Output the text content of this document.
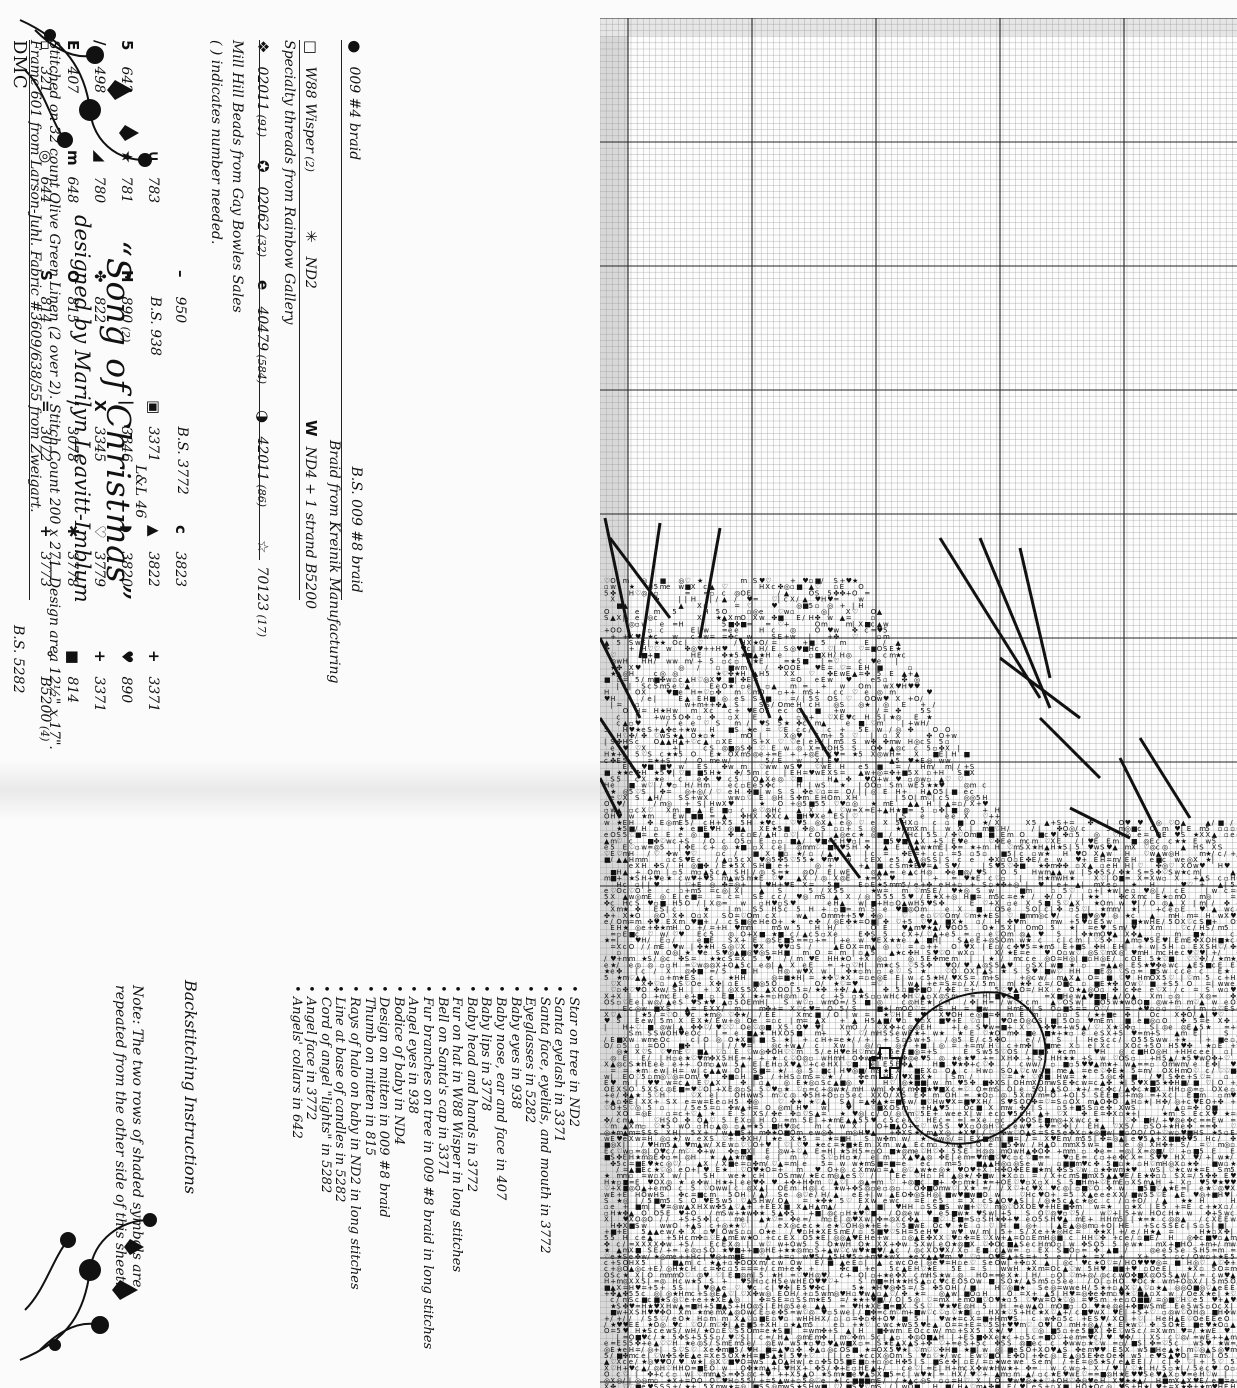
L&L 46
“Song of Christmas”
designed by Marilyn Leavitt-Imblum
Stitched on 32 count Olive Green Linen (2 over 2). Stitch Count 200 x 271. Design area 12½" x 17".
Frame 601 from Larson-Juhl. Fabric #3609/638/55 from Zweigart.
DMC
B.S. 5282
( ) indicates number needed. Mill Hill Beads from Gay Bowles Sales	Specialty threads from Rainbow Gallery
Braid from Kreinik Manufacturing
Note: The two rows of shaded symbols are
repeated from the other side of this sheet.	Backstitching Instructions
•	Star on tree in ND2
• Santa eyelash in 3371
• Santa face, eyelids, and mouth in 3772
• Eyeglasses in 5282
• Baby eyes in 938
• Baby nose, ear and face in 407
• Baby lips in 3778
• Baby head and hands in 3772
• Fur on hat in W88 Wisper in long stitches
• Bell on Santa's cap in 3371
• Fur branches on tree in 009 #8 braid in long stitches
• Angel eyes in 938
• Bodice of baby in ND4
• Design on mitten in 009 #8 braid
• Thumb on mitten in 815
• Rays of halo on baby in ND2 in long stitches
• Line at base of candles in 5282
• Cord of angel "lights" in 5282
• Angel face in 3772
• Angels' collars in 642
▫ 321
◎ 644
S 814
= 3072
+ 3773
° B5200 (4)
E 407
m 648
O 815
∕ 3078
✱ 3778
■ 814
/ 498
◢ 780
✤ 822
X 3345
♡ 3779
+ 3371
5 642
★ 781
H 890 (2)
| 3346
◗ 3820
♥ 890
∪ 783
B.S. 938
▣ 3371
▲ 3822
+ 3371
– 950
B.S. 3772
c 3823
❖ 02011 (91)
✪ 02062 (32)
e 40479 (584)
◑ 42011 (86)
☆ 70123 (17)
□ W88 Wisper (2)
✳ ND2
W ND4 + 1 strand B5200
● 009 #4 braid
B.S. 009 #8 braid	♡ O m ◎ ■ ◎ ♡ ★	m S ♥ ♡	+ ♥ ▫ ■ / S + ♥ ★
▫ w ★	5 m e w ■ X c ▲ ♡	H X c ✤ ◎ ▫ ■ ▲ ♡ ▫ E O
5 ✤ H ♡ ◎ ▫	= = ▫ c ◎ O E	/ ▲	O S 5 ✤ ✤ + O =
X	| | H | / ▲ / ♥ = ♡ | c X / ▲ ♥ H ♥ =	w
■ ▲	▲ X	= ♡	♥	◎ ■ 5 ▫ ◎ + | H
O	e m 5	5 O	▫ ◎ e ♡ w ▫	◎ | X ♡ O ▲
S ▲ X | e ◎ c	X ★ ▲ X m O X w ✤ ■ E / H ✤ w ▲ =	▫
◎ ▫	e = H	5 ■ ✤ ■ = = ♡ +	O m	m | X ■ c ▲ w
+ O O	▫ c	E | w = e e	H c ◎	O ♥ w ✤ c = ♥ 5
+ + ♥ ★ c w c w = = ✤ c w	S E + w | + ✤ ♡	▫ m
▲ 5 S w | ★ ★ O c | ♡	/ X ★ O / =	+ ■ 5 m	E / ▲
+ H ♡ ♡ w ✤ ◎ ♥ + + H ♥	c | H / E S ◎ ♥ ■ H c ♡ |	♡ = ■ O S E ★
♡	■ + ■	H E	✤ ★ 5 ★ ■ ▲ ★ H e	▫ ■ X H / H ◎	c m ★ c
w H H H / w w m / + 5 ▫ c ▫ ★ E	= ★ 5 ■ | = ♡	c ♥ e |
✤ X ♥	◎ / ▫ ■ w m	/ ✤ O O E ♥ E = ♡ = E H ■	▫
★ ◎ H	c ◎ ◎	★ ♡ ✤ ★ H ▲ H 5 X X ♡ ✤ E w E ▲ = ✤ 5 E ▲ + ▲
■ ▫ = 5 / m ■ ✤ w ▫ c ▲ H ♡ ◎ X ♥ ■ | ✤ E	= O e E w ♥	e 5 ▫ ✤ ◎
| | S c 5 m 5 e ♡ ▲	E e O ★ ▫ e ▫ ▲ m = + w O m w X ♥ H ♥ ♥
H	O X	♥ ■ e H = ♡ ▫ ✤ m ♡ m	▫ + + m S + c c ♡ e ◎ m	♥
♥ H	/ e |	E ▲ E H ■ ◎ e S S ■	= / | 5 S O S ♡ O O w ♥ X + O /
| = ▫	w + m + + ✤ ▲ S	S S / O m e H c H ◎ S ◎ ★ ◎ E + /
O = H ★ H w m X c c + ♥ E O e c O ■ + w	/ = ✤	5 S
c | + w ▫ 5 O ✤ ▫ ✤ ▫ X E	▲ ▫ + ♡ X E ♥ c H 5 | ★ ◎ E ★
c ▲ ▫ ♥	/ e e ♡ S m / ♥ S 5 ★ ✤ c m ▲	e ■ ♡ m	| + w H /
H ♥ ★ e S + ▲ ✤ e + ★ w H ■ S ★ e = ♡ E c c / c + 5 E w / ◎ ✤	O O
H ♡ ✤ / ✤ ♡ w S ★ ▲ O ★ ▫ ★	m O |	X ◎ ♥	m + 5 ♡ | ▫ X	✤ O + w
| S ✤ H S c O ▲ ▲ H ▲ + ♡ c ▲ ▫ X E	S + X ♡ ♡ e | e H | m 5 S w ✤ ✤ m w H ◎ c S 5 ▫
e ♥ ♡ X	+ |	c S ◎ ■ ◎ S ✤ ♡ E w ◎ X = O H 5 S O ✤ ▲ ◎ c c 5 ▫ ✤ X |
H ★ + 5 ♡ S c ★ ★ 5 O E ★ O X m 5 ◎ e + = E + + ◎ E ♥ = ★ 5 X ◎ w H = X ■ E | H ■
c ✤ E 5	= ★ + S / O m e w /	5 / E w X | E ♥	▲ 5 ♥ ★ E ◎ w w
E ♥ ■ ■ ♥ w E S ✤ w m ♡ w w w S ♥ ♡ w E H e 5 ■ = / H m / m | / + S
■ ★ ★ e H ★ 5 ♥ | ♡ ■ ■ 5 H ★ ✤ / 5 m c | E H = ♥ w E X S = ▲ w + ◎ = ✤ + ■ 5 X ▫ + H S ■ X
S 5 c X ★ e c e ✤ ♥ c 5 O ▲ X e ◎ ♡ ■	H ▲ ✤ ♥ O + w ♥ ▫ ◎ w ▫ ▲ ♡ ♡
H e ■ w ♡ | / ♥ ▫ H / H m	e c ▫ E e 5 ✤ c	H | w S ★ | O O ▫ S m w E 5 ★ ★ ♥	◎ m c
★ ◎ 5 ♡ S | ✤ = ◎ + ◎ / / ♡ e H ✤ ■ | w S S ✤ e ♡ ▫ = = O / | | ◎ E H + H ▲ O 5 | ■ e c
e ♡ X S ▲ H / S S + w X	w w ▫ ♡ E ◎ H S ✤ m E H O m X H	| 5 O | m ♡ | c S ◎ ◎ 5 H
O ♥ /	/ m ◎ + S | H w X ♥	★ O + ◎ 5 ■ 5 5 ♡ ♥ ▫ ◎ ★ m E ▲ ▲ H | ▲ = ▫ / X + ♥
▫ w ▲ ▫ c X ♡ X m ■ ▲ E ■ ▫ c e ♡ ◎ H c ▲ X ▲ ♡ w = X = E + ▲ H ★ ■ = 5 ▫ ✤ | ■ ◎ + H
O H w ★ m	E w | ■ ■ = ▲ ✤ H X ✤ X c ▲ ■ H ♥ X e E S | ♡	| S e	e e X ♡ + +
w ★ E H ✤ E ◎ m E 5 / c H + X 5 5 H ★ ♥ c ♡ ♥ 5 ◎ X ▲ e ◎ ♡ e X 5 H X ▫ c ▫ ■ O ★ / X	X 5 ▲ + S + = ✤ | O ♥ ♥ ◎ ♡ O ▲	▲ / ■ /
★ 5 ■ / H ▫	★ e ■ E ♥ H ◎ ■ ▲ X E ★ 5 ■ ✤ ◎ S ▫ ▫ + S ◎	★ m X m | w X | m ■ ♡ H /	/ | ✤ O ◎ / c	5 m ◎ ■ c O m ♥ | E m 5 ▫ ▫ ▫
e O S 5 ♡ ■ = e E e ◎ ■	✤ c ▫ E / ▲ H ▫ ♡ | c O | ▲ ◎ e c ★ ◎ ■ / / H c | 5 S / ✤ ♡ O m ■ ■ E m O ■ c ♥ | ✤ ▫ 5 ◎ ♡ ◎ e = E ♥ S ★ X X ▲ ▫ e
▲ m ♡ c ■ ✤ ♡ w c + S / O c O 5 ▫ E ▫ ▫ ■ ▲ / ♥ ■ = c H ♥ ▫ | = ■ 5 ♥ ■ ▲ X + 5 E ♥ e	♡ ✤ E e m c m ♡ X E / | ♥ E E m ■ ◎ E c c ★ ★ E w 5
e 5 E ♡ ▫ w = ◎ 5 | ✤ E c + ◎ ★ ■ ▫ X c e | ◎ m m ♡ ■ ♥ 5 H ✤ ▲ E c ▲ w ★ m E | ✤ = ★ + m H ♡ m S X ★ H ▲ H ★ 5 | 5 ♥ w S ♥ ▲ m X ♡ ◎ c ◎ ▲ H S X S
♡ E ♡ m H / ♡ ✤ w ♥ ♡	▫ c / ■ X ■ ▫ ★ / ▫ / ▲ ▲ | c = ✤ E = + c ▫ = 5 ▫ 5 ▫ ■ 5 | c ▫ w ★ H ♥ O X ▲ w H ♡ w ▲ w ◎ H	m ★ / c / +
■ / ▲ ▲ H m m	▫ c S ♥ E c / ▲ ▫ 5 c X ♥ ◎ 5 ✤ 5 ♡ 5 5 ★ ♥ m ♥ w c E X e 5 ▲ ◎ S S | S c e ✤ X ▫ O ▫ E ✤ E / e w ♥ + E H = m / E H e ■ c w e ◎ X ★ |
e X H ✤ S / H ◎ ■ ✤ / E ★ 5 X S H ■ e +	◎ +	+ ▲ ■ c S m ★ E ♥ = ▲ S ♥ /	| S ♥ 5 ♡ ✤ ■ ★ ✤ m ✤ ✤ ▫ X ▲ ▫ e H H | ♡ ✤ ◎ ♡ X O w ♥ H ♥
■ H ▲ + O m | ▫ 5 m ▫ ▲ 5 c ▲ S H | / ◎ S = ★ ◎ O / E | w E	◎ ▲ ▲ = e ▲ c H ◎ ✤ e ■ ◎ / ♥ S O 5 H w m ▲ ▲ w | 5 ✤ 5 S / ✤ ★ S = 5 ✤ ♡ S w ★ c m |	▲
m ■ + ★ S H + ♥ e ★ c w ♥ + ♥ 5 m ▲ w 5 m ★ E ♡ ♥ ▲ X / ◎ X ◎ E ★ = X ♥	| + = ♥ ★ E c ♡ ▫ | H ★ m w H ★	X ♡ | O ■ = X = X w ▫ X + ▲ S c ▫ H
H c ▫ | | ♥	| ♡ + E ◎ ✤ = ◎ + | ♥ H + ♥ E X = 5 ■	E ▫ E ★ 5 m m 5 / e + ✤ e H + ▫ + S ▫ ★ ✤ + ◎ | ♥ | e + ▲ | m X e ▫ ★ H	♥ ♡ + ▲ | 5
e ♡ O c ♡ O e c ▫ + m 5 = c ◎ | X | ▲ S	5 / X 5 5	★ w = m ♡ m S E / ♥ ★ ◎ S w	■ m	▫ 5 ♡ ▫ + | ★ w | e ▫ ♥ ◎ | / c E	| w c =
5 X ▲ w ◎ m E ◎ E | e ■ = = c = S E c c / ♥ ◎ m S ▲ X / ◎ 5 5 5 5 ♥ / E ★ X + ◎ H ■ = m 5 c = e ★ / ✤ / O / | ★ ★	✤ c X m c E ★ ▫ m O m ◎	=
✤ c H c S ♥ ▫ ■ H 5 O / | X ◎ = w ▫ H ♥ ▫ S ♥	e H ▲ w | ■ + H ▫ O ▲ w H 5 ♥ S ✤	E ♡ + X ▫ e X 5 ■ 5 ♡ ▲ X ★ O m w ♥ | / O ◎ ▲ X | m | / ✤
X m ★ ✤ E S | c	★	| m S 5 H 5 c 5 H + ▫ ■ = m 5 e ♥ ■ ◎ O m	e X ■ O 5 e 5 O | c | ✤ ▫ 5 ♡ | ★ m m / ★ | + c e ▫ E ♥ ▲ w c
✤ + X ★ O ◎ O X ✤ O ▫ X S O = ♡ O m c X	w ▲ O m m + + 5 ♥ ✤ ◎	♡ e ▫ ♡ ♡ O m / ♡ m ★ ★ E S ♡ ■ m m ◎ c ♥ / c ■ ♥ ◎ ♥ ◎ ★ c ▲ m H m = H w X ♥
e / O m = m ✤ ♥ E X m ♥ ■ + / c S ■ ◎ e H e O + ★ e ✤ / ◎ E ✤ ★ = O ■ | ✤ ♡ + 5 ♡ ♥ ▲ ■ X ★ ▫ / H ✤ ♥ m	m w + 5 ♥ ▫ E 5 w	■ ★ w H E / 5 O X ♡ c S ■ + O
E H ★ ◎ e + ✤ ★ m H O + / = + H ♥ m m	m 5 w 5 H H / ♡	O E ♥ ▲ m ♥ ★ ▲ / ♥ O O 5 O ★ 5 X | O m O 5 ★ | = e ♥ S m / ♥ X m	♡ c / H S / m 5
= ▫ E ■ c ♡ w / ♡ ♥ E c 5 ◎ O + X ■ ★ ■ c / ▲ c 5 ▫ X e	E ✤ S 5 c X + / ♡ ▲ + e 5 = ▫ e ♡ O m ◎ ▲ ♥ 5 | ✤ ★ m O ♥ ▲ X ✤ ▲ ▫ m ■ ★	c
★ = | ♥ H / E ▫ /	e ■ E S X + E ◎ S E ■ 5 = = ▫ + = | + e w ♥ E X ★ ★ e ▲ ■ H | S ▲ e E + ◎ S O m w ★ c c | c m | ♡ 5 ✤ ▲ m ▫ ♥ 5 E ♥ | E m E ✤ X O H ■ ★ c
= X c O / / m E ♥ w | ✤ ★ H S ◎ ♡ X ♥ X ♥ ♥ ▫ S /	▲ E O X = m ▲ ◎ ♡ = ▫ + + O ♥ X | E ▫ / c ✤ ♥ 5 = ★ m 5 E + ■ S ✤ H E H | + w | 5 H ▫ E X S H ♡ / ✤
▫	w O ◎ | ★ ♥ e S ♥ ◎ ▲ ■ ◎ ♥ ◎ S = H ■ m O = m | ▫ ▲ 5 ▲ ★ c ✤ H S ♥ ♡ O w X ▫	X / ★ E = e ♥ O ▫ w ♡ ◎ S ♡ m X ◎ ♥ m H m c H e c ♥ ♡ ♥ | + /
/ ♥ + m m ★ S / ◎ c ✤ S = ★ ★ c S = X 5 ♥ / / m ♥ E H H ★ O + X ◎ ▫	◎ 5 E ✤ m e m | | ★ / m c c e ◎ O = H ◎ | ■ ▫ H ◎ E / c O E 5 ★ ♡ ■ ♡ ♡ ✤ / / ★ m ★
e ★ / e ◎ ◎ ▫ ▫ H = ♡ w ◎ ◎ X + O ▲ 5 c e ◎ | ▲ X e E = + ▫ ♡ H | m ★ c S ♡ 5 S ✤ ♥ O / ♥ ▲ ◎ S 5 ▲ ♥ ▫ S X | w ■ ★ ▫ = ▲ ▲ e E S ★ ♥ ✤ e w c ▲ E S ■ c E E
★ e ✤ | c / X ◎ ✤ ■ = / 5 ■ H	H ◎ w ♥ X w | ✤ ★ ▫ m ▫ e ♡ S ★	♡ O O X | ▲ S ★ S 5 ♥ ■ w ♡ H H ■ E ◎ ♡ S ▫ = ■ 5 w c c e c E ★
5 ★ m ♡ ▲ ▲ ▫ + m ★ E S c ★ H H	◎ = ■ ★ H | = ★ ✤ ♡ ★ X = ▫ e ◎ E E | w c 5 ★ H / ♥ X S = m + S	+ ◎ c w / m ▲ X ▲ O = ■ ♡ ♥ H m O X 5 ♡ | ♡ m 5 c + H
♡ X	X ✤ ♡ ▫ ▲ S ♡ O e X ✤ | ▫ E ■ ◎ 5 O e	O / ★ ♡ = ♥ = ♡ | | w ▲ | + e = S = ▫ / X / 5 m m | ★ ✤ c = / O ■ c ▫ ■ E ★ ✤ O w ♡ ■ + S 5 O = | w w e
♡ ▫ ✤ ♡ ♥ O ✤ w / S H | + X | ◎ X S 5 X ▲ X O O | 5 = / ★ ✤ + ✤ / ▲ ▲	✤ 5 ▫ ■ ✤ ■ O / ✤ E = +	5 ♡ ♥ ▲ O = / H X e O ★ ▲ ◎ O ▫ ✤ c ✤ e e ♡ X / c = S w ▫ ♥
X + X | O + m c E e + ■ ▫ E ■ X ★ + = ▫ H ◎ m O c + 5 ▫ ★ S ▫ ▫ w H c ✤ H ♡ ▲ ▫ X ◎ S m = H | ■ ♥ E ■	= X ■ H e w ▲ ♥ ■ ■ | ▲ / O ▲ X m ▫ ◎	X ◎ = ✤
O S ▫ ♡ E e | w ◎ / ▲ e S ♥ S ★ ♥ ▲ ▫ 5 O E m H | S w ♡ ▫ w m O = / 5 ■ ◎	c ◎ H E ★ | c H / ✤ | H = / w ♡ c c m ▲ ♡ O S w | ■ O 5 w ★ w O O ■ ◎ w + m m ♡ ▲ w e O
E c ◎ w ■ X S ▲ = E X X / m	m ✤ + = X ♡ c ♥ = O 5 / S	■ ★ | m O O ♡ = ▫ E H = ■ w	H m E w | S O ▫ ■ 5 = = O ♡ / = ★ ♥ ▫ ▫ ▫ ♡ c | m ▫ ♡ E S
X ♡ ▲ | ★ 5 / = ♡ O ♥ c ★ m ◎ ♡ ✤ ★ / / E E	X m c ■ / O | w = ★ ♡ H | E ♥ | X ♥ O H e ◎ ■ = ✤ m E m	▫ ▫ S / ★ + ■ e ✤ | O c X ✤ O / ▲ | ♥ ♡
♥ 5 E e w | 5 m X E X ★ / E w + ◎ O e = ▫ c | m = ▲ X + ▲ H 5 ▲ ■ / ♥ ▫ ♥ ▫ X ■ ♥ + E ♡ ▫ | | ♥ O e O ◎ O S | ■ | 5 O ▫ ♥ m E m ■ e ■ ◎ ▫ O ✤ 5 = e X ✤
| H + ♡ ■ ◎ w | ▲ ✤ ✤ ♡ / ♥ ♡ ♡ O e ♡ ◎ ■ X 5 O ♥ ♥ | X m O / ♡ X ✤ + c ◎ ◎ E H	+ | e S ♥ w = ■ + X ♡ + ✤ ♥ = + w 5 ▲ / ♡ X ★ ♡ ✤ ▫ S | ◎ e ◎ E ▲ 5 ★ = +
S m S S w O H ♥ e O c | = e ■ ▲ ★ H X O 5 ■ m +	X ♡ / m H S S e w E ★ + w ★ ★ E ♡ ★ O m ✤ ■ e ■ ★ + ★ ▫ e e S X + 5 ♥ = m + S ▲ m E |	S
/ E ■ X w w m e O c	c | O ◎ O ★ X ■ | ■ S ★ | + c H + = e ★ / / + + S ▫ 5 w + 5 / ◎ 5 E / c 5 ✤ O	e / / / S | H e S c c / O 5 5 S w w + ★ | + ■ e ▫
O / ▫ 5 ▫ = O O ■ ✤ | | / / ♥ =	◎ c + w ▲ / c X w | ◎ / ▫ ◎ + + ■ | ◎ = + = m / H ♡ c + m ✤ | ■ m e X ▫ e | X c X O c + 5 O H 5 ♥ ✤ ★ ▫ E +
◎ ★ X ♡ S ♡ ♥ m E ♡ ■ ▲ ♡ ▫ E ♡ w ◎ ✤ O H ♡ ♡ m 5 / e H ♥ e H ♡ m ▫ ▲ 5 e E ■ ◎ = + S	E S w 5 5 ♡ O S / ■ ■ 5 ★ c m	♥ H ◎ c ■ H O ◎ H + H H c e e | ▫ |
◎ E E / | H ▫ e ★ ♡ ♥ m ✤ X 5 H E = + + ★ c ♡ O ◎ ▫ w H m H O ✤ w ■ m = S w ✤ ◎ e ♥ 5 ◎ ★ e ★ ♥ + = X H ✤ + | S H H ★ ★ + S w ♡ O S ▫ + H 5 ▲ / ★ 5 ♥ w O ✤ + ♡
X ▲ ◎ c S ★ H E e e e + + O m ▫ ▲ w 5 ▲ E | E H ▫ X ♥ ▲ ♡ + c e H X | ♡ ■ e | E 5 E ✤ ▲	H ■ ♥ ★ ✤ + c ♡ ✤ / c w w / ▫ ■ ▫ 5 ♥ ♥ ▲ m ★ + w ▲ = = ▫ O m w m / e E ✤ | ♥
= = ★ m e w | H = w | c ▲ ▲ w O | S ■ = ★ / ◎ 5 ■ c | H ♥ ◎ ■ / m S ★ X ■ E X ▫ O ▲ c H w ▫ S O ▲ ♡ c w ♡ ■ m e ▲ = e e ♡ ✤ E ★ 5 = m / O X H m O ♡ c / ♡ ♡ ■
w | E O ♡ 5 ▫ m ◎ ♡ ◎ = O m / ♥ ✤ ■ ▫ H ■ S / + H S ▫ m S = ♡ ★ / ✤ e m H S / ♥ X ■ X ★ | S m /	♡ = ★ ♡ O ■ H w = ★ 5 ◎ c ✤ ■ / ♥ | S ✤ e + S ♡ = ▫
E ♥ m | ♥ ♥ w = c ▲ E ♡ ▲ X | ✤ | ▫ ▲ ◎ E ★ ◎ ▫ S c ▲ ■ ◎ ♥	H ♡ ◎ ★ ■ ■ | w m ♥ 5 ✤ ■ ✤ X S | O H m X O m w S E ✤ c w = c ▲ ✤ ★ | 5 ♥ X ■ 5 ★ ✤ H ■ / ■ ♡ | O +
O E X S O 5 X S c ◎ E ■ = ♥ ♡ O | + X E ◎ ▫ S 5 ♡ ♥ ▫ ★ ♡ ▫ = c + ◎ w ★ / m H w m | ✤ ★ c m ✤ ■ ★ ♥ ■ X c = ♡ O = m S O | e 5 O | ▲ S O ★ + / = c ✤ c / ▲ ✤ c ★ ■ X H H ▫ ◎ = ▫ O X e ▫
+ e / ✤ ▲ ★ 5 ♡ H	♡ X e | O H w w S m ♡ c ◎ ✤ 5 H + O ▫ ▫ 5 e c X X O / X 5 E ✤ m O H = ★ O ▫ ◎ 5 X m ♡ m = O + O | 5 S E E ■ ♡ + m ◎ = + X c | E ■ m ▫ m ♥
+ ▲ ▫ ✤ E | X X + S X e = w = E e ▫ H 5 ✤ ◎	♡ ✤ ★ ★ ♡ ▲ | S ▲ | = ▲ ✤ ▲ ★ = ■ 5 w / ■ ♡ H w ♥ X = ■ ♥ X H / S ♥ S O O ✤ = ♡ = S ▫ O X m ▲ O ✤ O ▲ H ▫ ★ | H ✤ / ◎ + c ♥ E O + ✤ +
♡ O + S ♡ ◎ 5 ▫	/ 5 e 5 = ▫ ✤ w ▲ + = O ◎ m | H ♥ w | ♥ | ♡ ■ X O S m + H ▲ ♥ 5 O c ■ X m w ✤ ♡ | S ▫ 5 + ■ 5 S ▫ e ✤ X w S	/ ▲ ▫ = ✤ O ■
X O = ◎ E ▫ = c + ♡ ▲ ★ E S X S / ✤ e ✤ ▫ ♡ S ▲ = ★ ♥ ◎ | c / O / ◎ ♡ m ♡ 5 E + w e e X | w e c ▫ ♥ 5 e H ▲ + ♡ X ✤ E = ✤ X ▫ ★ + |	★ m S E c X ♥ ★ =
✤ / c m ▲	♡ H S O ✤ O ▲ ♡ 5 E X ▫ | H O = m 5 E | + ★ m E ▲ ▲ 5 5 ♥ c 5 c e c ♡ H E c = = | = X e ▫ c e ✤ O S E ■ m ◎ + X w c c ★ | ♡ ✤ ■ H / + ♥ ◎ e ✤ c = = E w =
♡ m ▲ X m ▫ ♡ ★ 5 w O ▫ H ▫ ▲ ◎ ▫ ▲ = ★ 5 ■ H ♥ ◎ c m c w X | O + ■ ▲ O + = ♡ w 5 S ♥ X ▫ O ◎ H ♡ c c e w ♥ + ♥ = ♡ ✤ | / E H ▲ ♡ X 5 / ▫ S O + ★ H e ✤ = = ✤ ♡
◎ ★ m ▲ m = S S S X H | 5 X + / w ▲ ■ S + m ✤ ★ O ■ O m e w ◎ ✤ m ◎ H ♥ ▲ + ✤ X S ★ / m ▲ X ◎ ★ X ♥ | / ♡ ♡ ✤ w ♡ O ▲ S = S S 5 e ✤ X ▫ ★ ◎ ■ w | ■ ▫ O O / O + ♡ w ▫ ♥ ■ H S ★ 5 ▫ E
w E ♥ e X w = H ◎ ▫ ★ / w e X S ♡ + ✤ X H / | ★ e X ★ 5 = ★ = ■ H S w ✤ m w / ★ ◎ w ◎ / = | E X ■ ◎ m | ■ = | / = X ♥ E m / m 5 5 | ✤ = ◎ ▲ | e ♥ 5 ▲ + X ■ ■ ✤ ♥ 5 H c / ✤
■ ◎ X | / ♥ H m 5 ▲ ♥ m ▲ w / X E w ▫ ♡ ♡ O + ♥ | ♡ | ♡ ♥ ★ e c = ★ ■ ★ E m X m w ▲ E c m ▫ X m ▲ ♡ | O e ■ 5 ✤ w / H ▲ O m m X 5 w = ■ ♡ e ◎ X H ✤ + S / = ♡ m ◎ ▫
E c ♡ w ▫ = ◎ | O ♥ c / m ♡ ✤ + w ✤ ▫ ■ X | E ◎ w + ♡ ▲ E = H | ★ 5 H 5 = ▫ O ■ ★ ◎ m e ♡ H ♡ ✤ 5 S E H ◎ ◎ m O w H ▲ ✤ O ✤ + m m ▫ ✤ e = = ◎ | X = ◎ ■ / ♡ + ▫ ■ 5 E E
■ S ✤ E H ★ m ◎ E ✤ ▫ = | ◎ H ★ ▲ ▲ ★ m ■ e | m ♡ S ♡ ▫ H ▫ ★ / e | m X ▲ ♥ ▲ ◎ ✤ E | e m = ♥ m ■ ♡ ♥ c ▫ c ♡ ■ = = ♥ ▫ E = c ▫ + e ✤ c X = S ♥ ♥ H X ♥ / + | w ★ /
✤ 5 c = ■ E ♥ ★ c ◎ ♡ / ▲ X / X ■ e = ▫ ✤ m / ♡ ▲ = m | e 5 = w w ★ m S ■ = ■ = e e c m = 5 ■ ▲ ▲ H ◎ ▫ ◎ S e w ▫ ■ ■ m ♥ c ✤ 5 ■ ▫ ★ ▫ H ♡ m H ◎ X ▫ ★ ✤ ■ w ▫ ★
/ = ▲ ■ E c ★ ♡ ◎ e O + | ♥ E ★ ♡ O ♥ ★ O = + m ♥ O + ◎ c X m w ▫ = ▲ ◎ ♡ ▲ w ★ e ◎ ★ ♥ O ♥ + X H ✤ O ✤ E E ■ ★ m | ✤ S S ♡ w ▫ ★ ✤ w m ★ ♥ w S | ♡ ★ c w ★ = E S m 5
★ m m ▫ = w ▫ X w / | S H w e ★ c H O S m w / ★ E c m ◎ ▲ e S ♡ / | E e ♡ H ▫ H ▲ ◎ ★ / ✤ ■ w ★ X ▫ ▫ = / X + c m S ■ m X 5 ▲ ▲ ♥ E / E ★ ✤ ▫ ▫ S X = / 5 ✤ ✤ E ♥
H ★ ▫ ■ = E ♥ O X ◎ ★ e ✤ w H ★ + | e e ♥ ✤ ♥ + ✤ + H ✤ m ♡ ▲ ♡ | ◎ ▲ = m ♡ + ◎ ■ c ■ + ✤ ▫ m ★ | ★ = + O E ♡ ♥ ▫ X ▫ X S 5 ■ H m + ♡ E m E ▫ X S m ▲ H + X ▫ ♥ 5 ♥ ★ ♥ ♥
♡ + X ■ ◎ O ▲ + e m O c 5 ♡ O w w | c ◎ X ▲ | O E m H ◎ | c ★ w + ✤ S ◎ ▫ e ▫ ◎ ▫ O ✤ ■ O m w ♡ | X ★ = / / X ♡ + c ♥ X ♥ c ◎ | ▫ ■ ♡ O ✤ w ■ 5 ■ ♡ ▲ ★ E = | e ★ ♡ ◎ ♥ X
w E + E H O w H S ✤ c = ■ c m 5 O H / ▲ / S e ◎ ♡ e / H / ▲ e E + | w ▲ E O ✤ ◎ S H ◎ | ■ w ♥ ■ w ■ O w	♡ H c ♥ O + = 5 X ▲ e e e X X / ■ w 5 5 ♡ E ▲ E ♥ ◎ + ■ H ♥ |
S ★ ◎ | / 5 ■ m 5 S O ♥ E 5 w 5 ♡ ▲ 5 H w / O ▲ = ★ ✤ ★ 5 ♡ E X w e w c = E e 5 = X c S ▲ O ♥ ▲ S | | / ◎ ★ 5 c ▲ c ★ ◎ c c / ▫ + O / / ▲ ★ ★ H	H
▫ e + ■ m | | ♥ = ◎ w ▲ X H X w ✤ 5 ▲ ♡ ▲ + + E E X ■ X ▲ H ▲ m ▲ /	/ ▲ ■ | ♥ H H ▫ S S ■ S w ■ + ♡ ♡ m ◎ ♡ O X O E ♥ + H E ■ ✤ m w = ★ ▫ ★ X | E 5 + = E c + ★ X ▫ /
▫ H ★ ✤ ▲ O O 5 E ♥ + O / m S w + ★ w ✤ ★ 5 ▲ ✤ 5 + ■ | ◎ c ▫ H ★ ♥ ♡ ■ / O ◎ e w ♥ e 5 ■ w ★ ♥ S w | + 5 S O ♡ ◎ ♥ ▫ ♡ 5 / w ♡ + | 5 + w H O c H ★ w ✤ + 5 w c
X | ♥ X O ◎ O / / + 5 + 5 ✤ | c m e | ▲ ★ ♡ = ✤ e = / m ▫ E | ◎ ♥ X w | ✤ = ◎ X c ✤ ▲ ■ ♡ E ■ = S ▫ S H ★ ✤ + ♥ e O 5 S H ♥ ▲ m E + H H m 5 | | ★ = ★ c ◎ ◎ ▲ / c X E E w
H ✤ X ■ S w w w O + ▲ S c + ◎ ★ ★ ♡	/ e X ◎ c e c ★ e ★ ♡ O H ◎ ★ + E + ♡ 5 ■ w E O c ♥ ★ E ▫ ♡ H ■ ◎ + | ▲ E ▲ ◎ ◎ m ▫ + O | H E + S c S S E c | S ▫ S | ■ |
+ ■ + E 5 ▲ ▲ e w / ✤ X ▫ ♥ | O w S ▫ ▫ O ★ e / ♥ ▫ H ★ X E S m E / ▫ 5 ■ ♥ ♡ S H = 5 e H ♥ w ♥ w / m | | 5 + S / X e + ★ ◎ H c = ✤ ★ X | + / e / H ★ ▲ =	H ★ ▫ X ✤ |
5 5 H c e ▲ + 5 H c m ✤ ▫ ♡ E ▲ m E w ★ O + c c E X O 5 ★ E | ◎ ◎ ▲ ♥ E H e + w ▫ ◎ ▲ E ✤ X X ♡ ♥ ▫ ✤ = E ♡ X w + ▲ = O ▫ E m H ◎ ■ c H H ♡ ✤ + c e / ▫ ■ E / H ◎ ✤ c ■ ♥ ▫ ▲ m
✤ c / = X X X X ✤ w + 5 / E c E X ◎ | w ♡ w + O w 5 5 O ★ w H O ★ X X + ✤ w S X w | e O ★ ◎ ■ X ♡ ✤ O c ■ ▲ S e c H m O ▫ | w ✤ S O 5 5 e w ★ m X + ■ H O + m + / m w
★ ▲ m X ■ S E / + = e ◎ ▫ S O ★ ♥ ■ + + ■ ◎ H E + ★ ★ ◎ m ▫ S + ▲ w ♡ c w ♥ ★ ■ ♥ / ▲ c / ◎ c X O ♥ X / X ▫ E ■ c ▲ w = ▫ E X S ■ O ▫ = ✤ ▲ ■ /	◎ e e 5 S e S H 5 = m =
♡ e ★ S e ✤ w / ★ ◎ m e + + H c | ♥ ◎ + m ■ E ♡ ▲ + = ▫ w ♥ 5 / ▲ 5 H ♥ 5 ▫ + m ♥ ★ w X ★ e X ▲ ▲ ♥ m ♥ ♡ ▫ O ♥ E ▲ + S = + 5 e / | ★ = X + X + 5 ▫ c / O w ▫ + ★ E 5
c + S O H X 5 | ■ ▲ m | c ★ ▲ + ▫ ✤ O O X m / c w O w E / ■ ▲ e E ▫ | ▲ c w c O e | ◎ e ♥ = H ▫ e ♡ S e O w | + ✤ ▫ X ▲ | ◎ c ♥ c ★ O ♡ = / H O ♥ ♥ ♥ ◎ = ■ H ◎ ♡ ▲ ♡ ✤ +
c + ◎ O ▲ ◎ c + E / ◎ H ★ c H c = ✤ c ▫ 5 = = = + / c m + e ✤ + | ✤ c ■ + e 5 c ▲ E H ♡ ★ E 5 E = S w w H ★ X m = O c ▲ ♡ w 5 H ♥ ■ ■ + ♥ ▫ O e E | ★ X ▫ 5 O = m
O S c ★ X | O m m m O ♡ ◎ ♥ ♡ | E ■ ◎ m | 5 ★ H = ♡ ♥ H ◎ ♥ / c + O | ▫ + ★ e ✤ X c m H S ★ w ◎ H O = = e X ★ | H / ▫ O | ♡ m + ◎ / ◎ c c w O ✤ ■ X ◎ O S S ▲ w | / = c w ♥ ▲
H + m ◎ X X S | = ◎ H c w ★ 5 S + ♥ 5 H ▫ c H 5 e w H E O ♥ ♥ ♡ +	S m ■ = H ★ ★ H S ▲ ▫ c ♥ c E O 5 O w ■ S O ★ / ▲ 5 m 5 ▫ 5 e e / O | ▫ H O ♥ O c ★ w m + O ◎ X / | 5 m 5 O
■ ▲ X = H ♥ = + 5 + 5 S | ♥ ◎ ▲ e ♡ ♥ c c | ♥ ✤ | E 5 ♥ ✤ c |	5 ★ ★ H ♥ ◎ ✤ 5 = / S ✤ 5 O H | / ■	H ♡ ◎ ■ ★ S e ◎ = w w e H / 5 ★ + ▫ ▲ X ♡ ▲ ♡ ▫ ★ ▲ ◎ ◎ O ■ ◎ ♡ ▲ e E E
+ ✤ ▲ ✤ 5 5 c ◎ | ◎ ★ H m c + S ◎ E ▲ ♡ | ♡ X ✤ w ◎ E O H / + ▫ 5 w m ◎ ♥ H ▫ ♥ w ▲ ▫ ▲ ♡ / ✤ ★ = ◎ ▲ w | ■ O ▫ H	O = X + ▲ 5 | H ♥ = ◎ ✤ e ✤ m ▫ ♥ ★ ♡ ■ ▲ ▫ X w / O e X ★ e | ★ ♡
c / m S c ■ c ■ ★ S ◎ ♡ e + e + ★ X E ▲ ◎	✤ = S E = ▫ S S m ★ E 5 = / ★ ★ + ♥ ■ / / O | 5 ◎ ♡ = m X e m O ■ ♡ O ♥ ★ ▫ 5 ♡ ♥ w = O ★ ♡ ◎ = ♥ S m + e ▫ O ■ ■ / = ◎ ■ ♡ H ♡ e 5 ♥ + ▲ ♥
★ S ✤ ♥ = H ★ ♥ X H w ▲ = ■ H + 5 ■ ▲ 5 + H O ◎ S | E H ◎ 5 e e ▲ ▲ = ♥ H ★ X E ■ = ■ X S S ♡ ♥ ★ ♥ E ◎ H 5 H = e w ▲ O m O ■ ▫ O ♥ ★ e ◎ e + ✤ ■ w S m E E e 5 w S ▫ O c X |
■ w + X S H ♥ ♥ ✤ O X m ★ m e m X ▲ ◎ O w c E ▫ e ✤ 5 = w ♡ ◎ ♥ ▫ 5 w e | / ■ ✤ = c m ♡ m + ■ w ♡ c ♡ ▫ ♡ ★ ■ | ▫ H X ★ ♡ 5 + H c ★ X ♡ ▲ + / c ■ ♥ w X ♥ E | + S + ♡ ▫ ◎ w ♡ O H ◎ ■ H ✤ w
+ / + / / / S 5 ♡ / e O ★ H ▫ m m X ▲ ♡ ▫ ■ E ▫ ♥ ▫ w H H H X / ▫ | ▫ = ✤ ▫ ✤ + O ♥ ■ 5 | ♥ w ★ = c X = ■ + H m ♥ S c w ✤ ▫ 5 c + E S ♥ / X O | + ♡ | H e H ▲ E ♡ O e E E e O
/ ★ ♥ ♥ E E ★ O ◎ ♥ c ♡ O / m ♡ ✤ | ▲ e ■ 5 + X H ▫ ★ ▲ m 5	e ▫ + ★ ♡ c w c ★ w S 5 ♥ e ▲ O = = + E = ♡ 5 S + ♥ ♥ m ♡ O ♥ | O m H + ◎ ▲ / ★ E ★ w ♡ ✤ S O ★ E ■ e ♥ ★ O ▫ ▲
O = 5 ♥ H ★ S c e w S / w H / ★ O ▫ E ♡ S 5 O m = e ★ S ■ | = w m ✤ + S ▲ | H ■ ✤ w m E O c c w / m ▫ + S X 5 X ★ / ♥ | ♡ ◎ ■ 5 ▫ + e 5 ■ X | ✤ E ♡ w S c / = X w m ♥ = / ★ w E ♥
| = O ■ ♥ c / ★ 5 ✤ S + 5 5 S ▫ / ♥ ♡ S | c = / H ▲ ◎ m E m ✤ | m ♡ ✤ m 5 c | ▲ ▫ ✤ ◎ O ■ ▲ H | + E 5 ■ ✤ X e ★ c + ▫ 5 c = ■ O ♡ + e m = ♥ c / ♥ ♥ ✤ / | X S c ♡ ◎ / = w E + + ▲ m
e = E 5 5 ✤ + e ▲ ♡ ♡ H ★ e ◎ S / S m E m 5 e / ◎ E w w 5 ★ ▫ ♥ ▫ ♥ ▲ w ■ X ▫ = S ★ E ▲ X ▲ S + ✤ ♡ + = e S + 5 c ✤ S S ◎ ■ e c c ✤ w w ▫ ★ ♡ w = ▫ / ■ S | ✤ = ♡ 5 c w S ♥ ★ w =
◎ E ★ e H = / ◎ + | S ♡ S ♡ X e ✤ m ■ 5 / ♥ H ■ = ▲ ♥ ▫ ✤ ✤ ▲ ▫ ◎ c O S ■ ★ = O X 5 ♥ ★ | ♡ m ♡ ♡ ✤ H ■ ★ ■ | w ◎ | ■ e S O + X O ♥ ▲ S ✤ e m ♥ ♥ E 5 X w 5 ■ H e ▲ ★ | m ♡ ◎ ▲ S ◎ ♥ m
5 / ■ ✤ m c e | ♡ w ✤ S ✤ E ▲ e = X e 5 O X ★ H = ■ S ▲ ★ | 5 ♥ + ♡ | | | e ★ c c X ◎ O m S ♥ ▫ ♡ ★ / w c E w ♡ ■ O E ✤ O | + ✤ c ◎ E ▲ ◎ 5 E ✤ e O e ✤ w 5 e ♥ S ▲ ♥ O | = m ♡ | O 5
▲ ♡ X c e / ★ ◎ ♥ ♥ O / ♥ w ★ | ◎ X ♡ ■ ♥ O = w S ▲ O ▲ H w | e ▫ ✤ S O 5 ■ E ■ ▫ + ▫ ◎ c H ✤ 5 | S ■ S e ✤ | ▫ E / = ▫ ★ w e w e S e m | / + E = ◎ 5 ★ S / e ▲ E E | / c | ✤ ♡ | + 5 ♡ 5
X ♡ H + ♥ c ▲ / ◎ H ♡ H H O = ■ E O w O ✤ ★ m ▲ + | ♥ H X + ✤ 5 / ✤ + E ▫ H E ▲ + / c e ♡ | = E | H + m c X ✤ w ★ H w ★ + ✤ = w c w ▫ + X / ♥ / ♡ ★ | H / 5 ▫ ★ | / 5 e c ♥ O ▫
O c ♡ | ✤ + c c ▫ w | ♡ m m ▲ S = ✤ 5 ◎ c + ♥ + + X 5 ▲ O ★ S m ★ ■ e ♥ ▲ 5 X ■ 5 = c | w ♥ ★ | = H X / ♥ ♡ + ▲ m ▫ m ▲ / ▫ c ★ E ♥ w E ♡ = = ■ ◎ H ★ E ♥ ♥ S e ♥ ▲ X ▫ ♥ = e H ♡ w |
◎ X ◎ / | ◎ ◎ m ▫ ★ X + = O O O ♡ ♥ H ▫ 5 5 / + = 5 ▲ w + ▫ 5 ◎ ♡ e ★ | c ■ ■ ■ m E / / ★ ▲ c ◎ S ▫ ▫ = H ♡ X | O ♥ w ♥ ◎ ★ ★ ♡ + O H ♡ ✤ ◎ ♥ e H X ♥ ★ ★ ▲ / H ■ m X ▲ X ♥ E / e ■ = e
X ✤ ♡ ♡ ■ e ♥ S S S + / ★ + 5 X m w ★ = ◎ ■ S S ◎ m w S ★ S H w ■ ♡ / ■ S ♥ ♡ m S / | w O ■ H ■ / H ▲ ♡ m ▲ ✤ ■ E / ♥ | e S + ▫ X ■ H O ★ O c ◎ ♥ S + H ★ | ♥ + = X ★ ✤ + ★ m ♥ H E H
